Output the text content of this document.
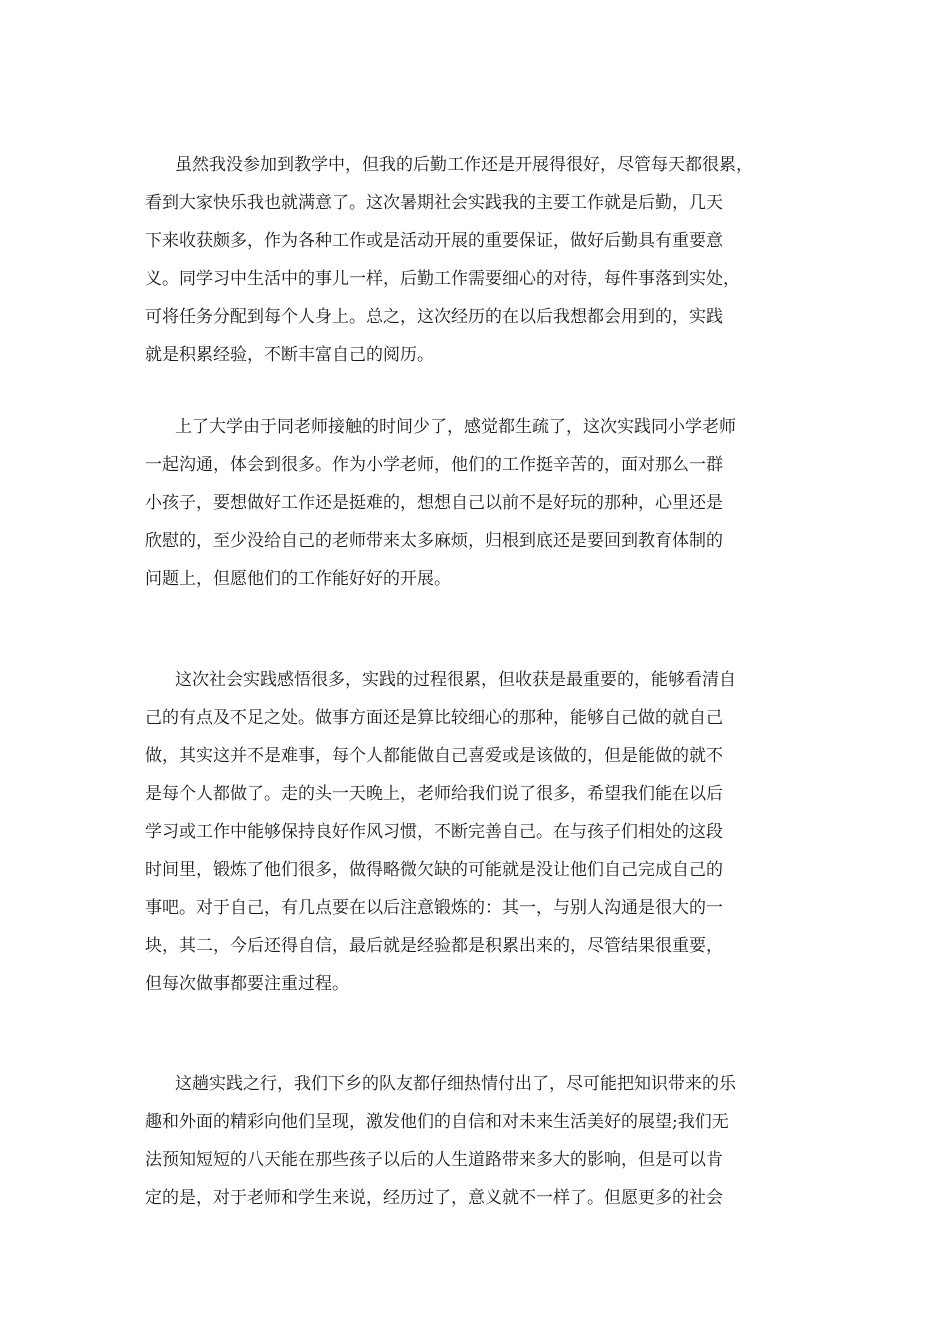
虽然我没参加到教学中，但我的后勤工作还是开展得很好，尽管每天都很累，
看到大家快乐我也就满意了。这次暑期社会实践我的主要工作就是后勤，几天
下来收获颇多，作为各种工作或是活动开展的重要保证，做好后勤具有重要意
义。同学习中生活中的事儿一样，后勤工作需要细心的对待，每件事落到实处，
可将任务分配到每个人身上。总之，这次经历的在以后我想都会用到的，实践
就是积累经验，不断丰富自己的阅历。
上了大学由于同老师接触的时间少了，感觉都生疏了，这次实践同小学老师
一起沟通，体会到很多。作为小学老师，他们的工作挺辛苦的，面对那么一群
小孩子，要想做好工作还是挺难的，想想自己以前不是好玩的那种，心里还是
欣慰的，至少没给自己的老师带来太多麻烦，归根到底还是要回到教育体制的
问题上，但愿他们的工作能好好的开展。
这次社会实践感悟很多，实践的过程很累，但收获是最重要的，能够看清自
己的有点及不足之处。做事方面还是算比较细心的那种，能够自己做的就自己
做，其实这并不是难事，每个人都能做自己喜爱或是该做的，但是能做的就不
是每个人都做了。走的头一天晚上，老师给我们说了很多，希望我们能在以后
学习或工作中能够保持良好作风习惯，不断完善自己。在与孩子们相处的这段
时间里，锻炼了他们很多，做得略微欠缺的可能就是没让他们自己完成自己的
事吧。对于自己，有几点要在以后注意锻炼的：其一，与别人沟通是很大的一
块，其二，今后还得自信，最后就是经验都是积累出来的，尽管结果很重要，
但每次做事都要注重过程。
这趟实践之行，我们下乡的队友都仔细热情付出了，尽可能把知识带来的乐
趣和外面的精彩向他们呈现，激发他们的自信和对未来生活美好的展望;我们无
法预知短短的八天能在那些孩子以后的人生道路带来多大的影响，但是可以肯
定的是，对于老师和学生来说，经历过了，意义就不一样了。但愿更多的社会
